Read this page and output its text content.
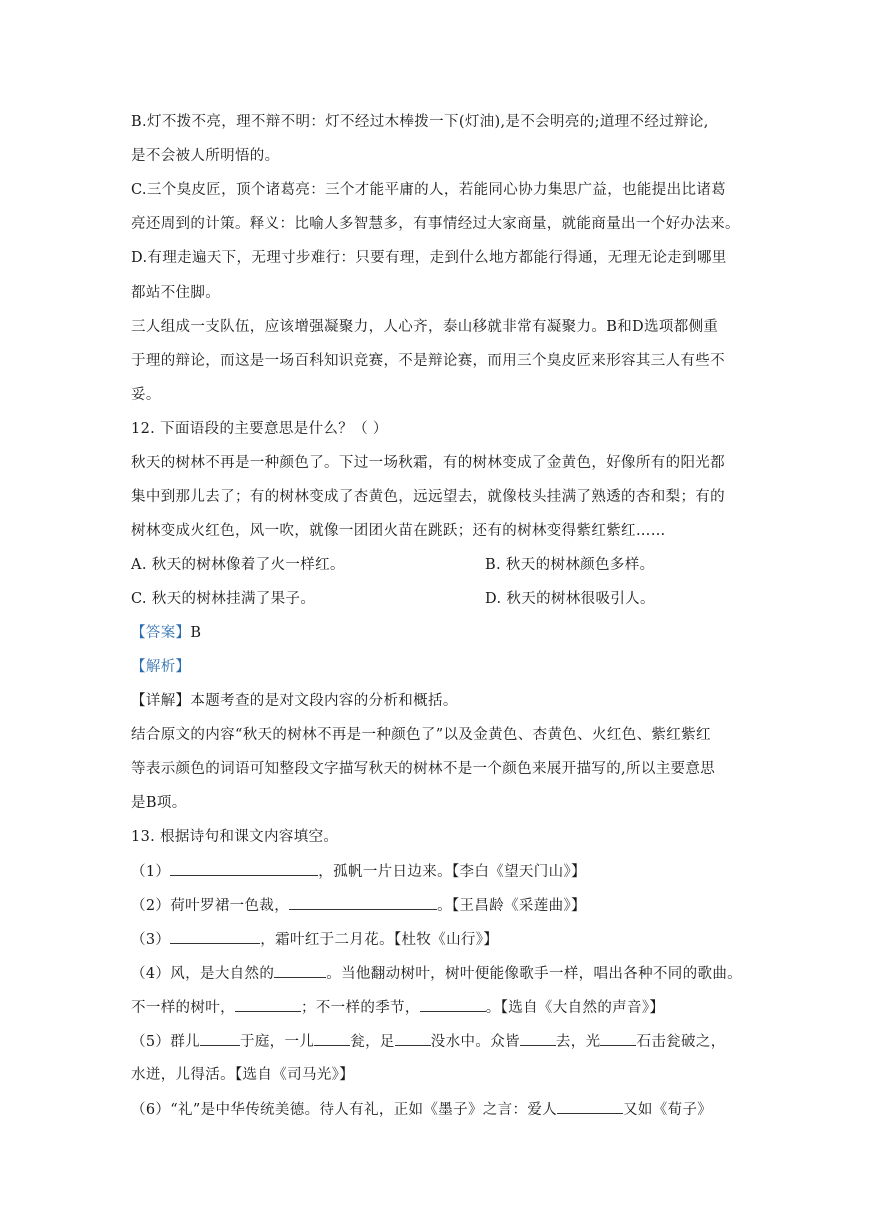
B.灯不拨不亮，理不辩不明：灯不经过木棒拨一下(灯油),是不会明亮的;道理不经过辩论,
是不会被人所明悟的。
C.三个臭皮匠，顶个诸葛亮：三个才能平庸的人，若能同心协力集思广益，也能提出比诸葛
亮还周到的计策。释义：比喻人多智慧多，有事情经过大家商量，就能商量出一个好办法来。
D.有理走遍天下，无理寸步难行：只要有理，走到什么地方都能行得通，无理无论走到哪里
都站不住脚。
三人组成一支队伍，应该增强凝聚力，人心齐，泰山移就非常有凝聚力。B和D选项都侧重
于理的辩论，而这是一场百科知识竞赛，不是辩论赛，而用三个臭皮匠来形容其三人有些不
妥。
12. 下面语段的主要意思是什么？（ ）
秋天的树林不再是一种颜色了。下过一场秋霜，有的树林变成了金黄色，好像所有的阳光都
集中到那儿去了；有的树林变成了杏黄色，远远望去，就像枝头挂满了熟透的杏和梨；有的
树林变成火红色，风一吹，就像一团团火苗在跳跃；还有的树林变得紫红紫红……
A. 秋天的树林像着了火一样红。	B. 秋天的树林颜色多样。
C. 秋天的树林挂满了果子。	D. 秋天的树林很吸引人。
【答案】B
【解析】
【详解】本题考查的是对文段内容的分析和概括。
结合原文的内容“秋天的树林不再是一种颜色了”以及金黄色、杏黄色、火红色、紫红紫红
等表示颜色的词语可知整段文字描写秋天的树林不是一个颜色来展开描写的,所以主要意思
是B项。
13. 根据诗句和课文内容填空。
（1）	，孤帆一片日边来。【李白《望天门山》】
（2）荷叶罗裙一色裁，	。【王昌龄《采莲曲》】
（3）	，霜叶红于二月花。【杜牧《山行》】
（4）风，是大自然的	。当他翻动树叶，树叶便能像歌手一样，唱出各种不同的歌曲。
不一样的树叶，	；不一样的季节，	。【选自《大自然的声音》】
（5）群儿	于庭，一儿 瓮，足 没水中。众皆 去，光 石击瓮破之，
水迸，儿得活。【选自《司马光》】
（6）“礼”是中华传统美德。待人有礼，正如《墨子》之言：爱人	又如《荀子》
